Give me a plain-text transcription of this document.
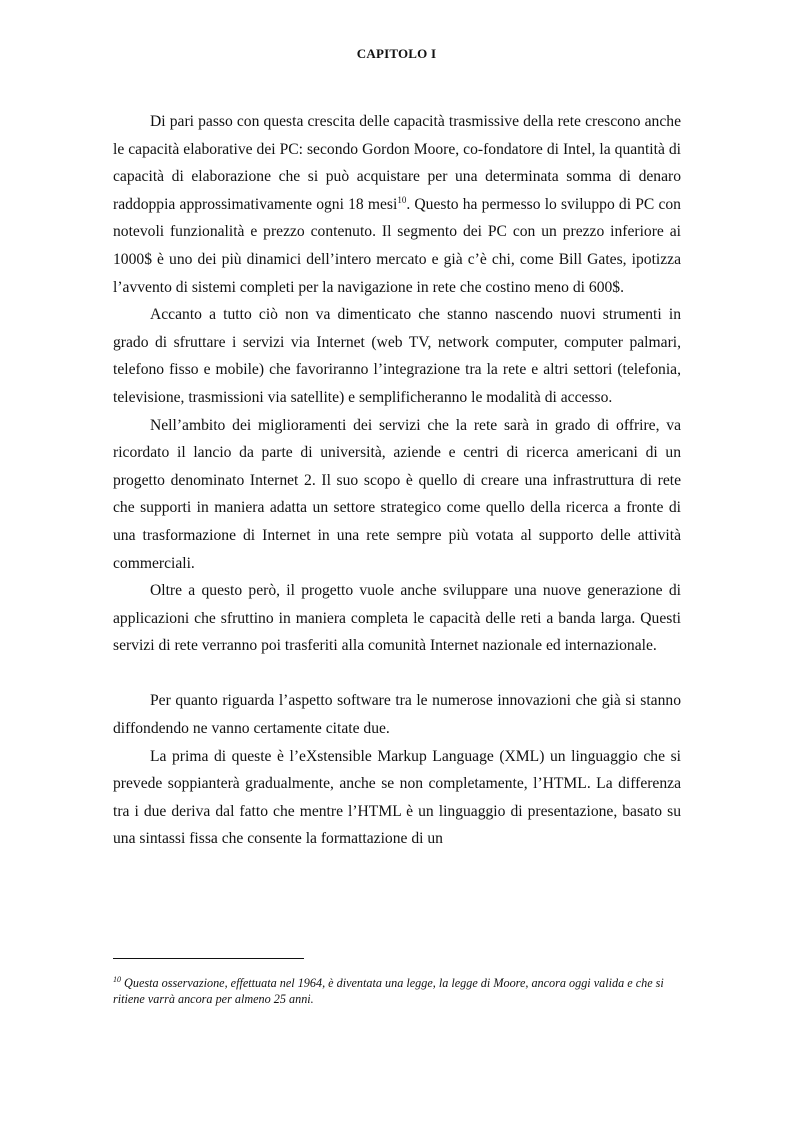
CAPITOLO I

Di pari passo con questa crescita delle capacità trasmissive della rete crescono anche le capacità elaborative dei PC: secondo Gordon Moore, co-fondatore di Intel, la quantità di capacità di elaborazione che si può acquistare per una determinata somma di denaro raddoppia approssimativamente ogni 18 mesi$^{10}$. Questo ha permesso lo sviluppo di PC con notevoli funzionalità e prezzo contenuto. Il segmento dei PC con un prezzo inferiore ai 1000$ è uno dei più dinamici dell’intero mercato e già c’è chi, come Bill Gates, ipotizza l’avvento di sistemi completi per la navigazione in rete che costino meno di 600$.

Accanto a tutto ciò non va dimenticato che stanno nascendo nuovi strumenti in grado di sfruttare i servizi via Internet (web TV, network computer, computer palmari, telefono fisso e mobile) che favoriranno l’integrazione tra la rete e altri settori (telefonia, televisione, trasmissioni via satellite) e semplificheranno le modalità di accesso.

Nell’ambito dei miglioramenti dei servizi che la rete sarà in grado di offrire, va ricordato il lancio da parte di università, aziende e centri di ricerca americani di un progetto denominato Internet 2. Il suo scopo è quello di creare una infrastruttura di rete che supporti in maniera adatta un settore strategico come quello della ricerca a fronte di una trasformazione di Internet in una rete sempre più votata al supporto delle attività commerciali.

Oltre a questo però, il progetto vuole anche sviluppare una nuove generazione di applicazioni che sfruttino in maniera completa le capacità delle reti a banda larga. Questi servizi di rete verranno poi trasferiti alla comunità Internet nazionale ed internazionale.

Per quanto riguarda l’aspetto software tra le numerose innovazioni che già si stanno diffondendo ne vanno certamente citate due.

La prima di queste è l’eXstensible Markup Language (XML) un linguaggio che si prevede soppianterà gradualmente, anche se non completamente, l’HTML. La differenza tra i due deriva dal fatto che mentre l’HTML è un linguaggio di presentazione, basato su una sintassi fissa che consente la formattazione di un

$^{10}$ Questa osservazione, effettuata nel 1964, è diventata una legge, la legge di Moore, ancora oggi valida e che si ritiene varrà ancora per almeno 25 anni.
